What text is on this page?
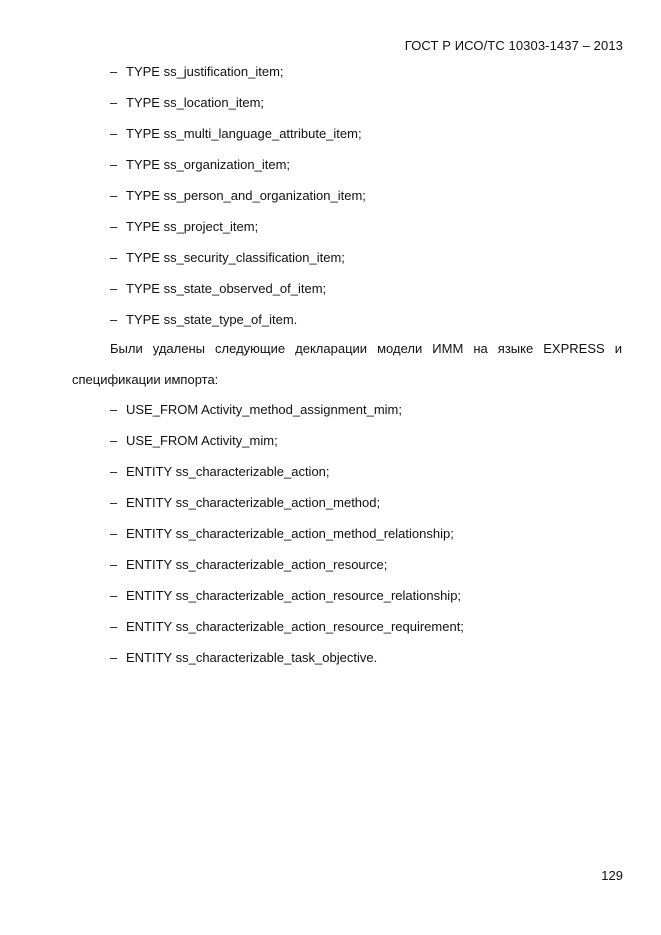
ГОСТ Р ИСО/ТС 10303-1437 – 2013
– TYPE ss_justification_item;
– TYPE ss_location_item;
– TYPE ss_multi_language_attribute_item;
– TYPE ss_organization_item;
– TYPE ss_person_and_organization_item;
– TYPE ss_project_item;
– TYPE ss_security_classification_item;
– TYPE ss_state_observed_of_item;
– TYPE ss_state_type_of_item.
Были удалены следующие декларации модели ИММ на языке EXPRESS и
спецификации импорта:
– USE_FROM Activity_method_assignment_mim;
– USE_FROM Activity_mim;
– ENTITY ss_characterizable_action;
– ENTITY ss_characterizable_action_method;
– ENTITY ss_characterizable_action_method_relationship;
– ENTITY ss_characterizable_action_resource;
– ENTITY ss_characterizable_action_resource_relationship;
– ENTITY ss_characterizable_action_resource_requirement;
– ENTITY ss_characterizable_task_objective.
129
